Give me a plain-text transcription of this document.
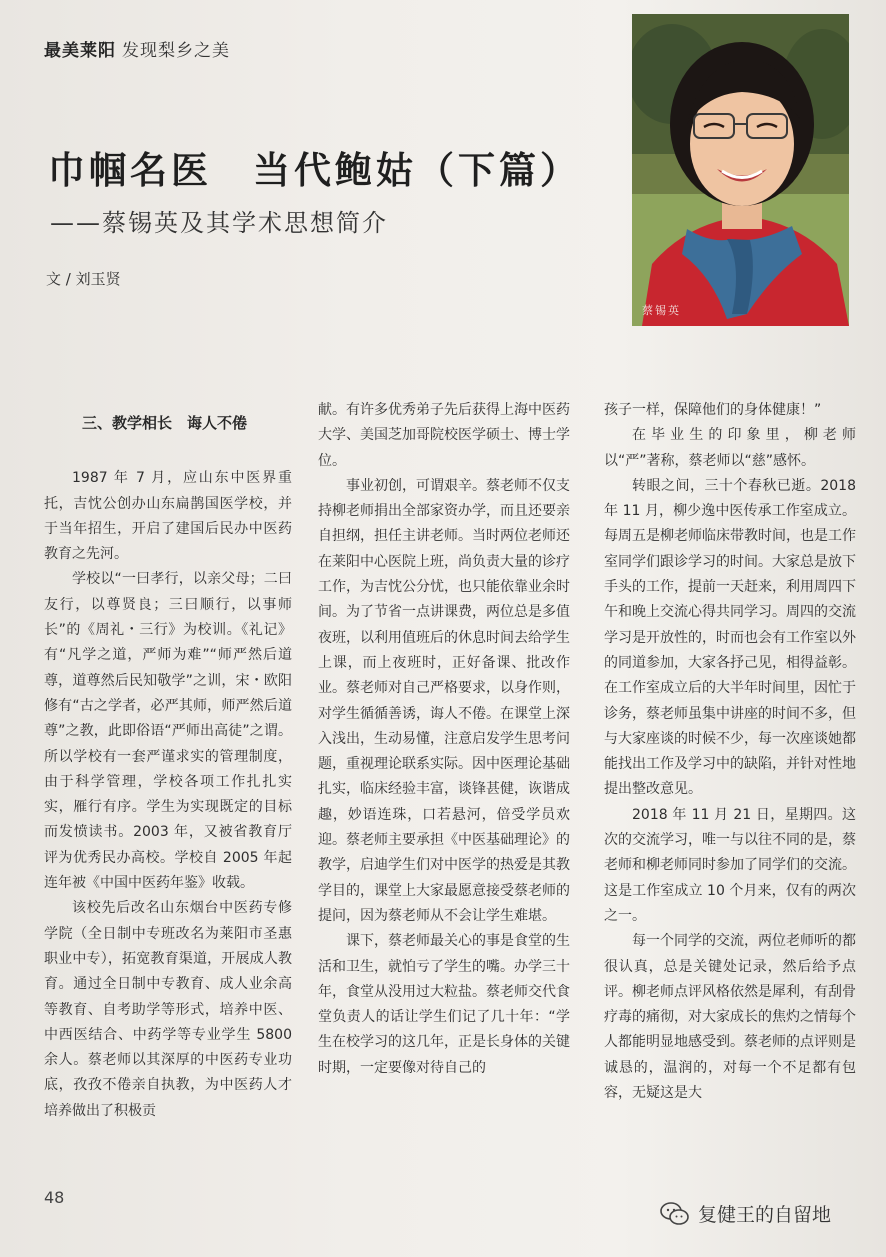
最美莱阳 发现梨乡之美
巾帼名医　当代鲍姑（下篇）
——蔡锡英及其学术思想简介
文 / 刘玉贤
蔡锡英
三、教学相长　诲人不倦

1987 年 7 月，应山东中医界重托，吉忱公创办山东扁鹊国医学校，并于当年招生，开启了建国后民办中医药教育之先河。

学校以“一曰孝行，以亲父母；二曰友行，以尊贤良；三曰顺行，以事师长”的《周礼・三行》为校训。《礼记》有“凡学之道，严师为难”“师严然后道尊，道尊然后民知敬学”之训，宋・欧阳修有“古之学者，必严其师，师严然后道尊”之教，此即俗语“严师出高徒”之谓。所以学校有一套严谨求实的管理制度，由于科学管理，学校各项工作扎扎实实，雁行有序。学生为实现既定的目标而发愤读书。2003 年，又被省教育厅评为优秀民办高校。学校自 2005 年起连年被《中国中医药年鉴》收载。

该校先后改名山东烟台中医药专修学院（全日制中专班改名为莱阳市圣惠职业中专），拓宽教育渠道，开展成人教育。通过全日制中专教育、成人业余高等教育、自考助学等形式，培养中医、中西医结合、中药学等专业学生 5800 余人。蔡老师以其深厚的中医药专业功底，孜孜不倦亲自执教，为中医药人才培养做出了积极贡

献。有许多优秀弟子先后获得上海中医药大学、美国芝加哥院校医学硕士、博士学位。

事业初创，可谓艰辛。蔡老师不仅支持柳老师捐出全部家资办学，而且还要亲自担纲，担任主讲老师。当时两位老师还在莱阳中心医院上班，尚负责大量的诊疗工作，为吉忱公分忧，也只能依靠业余时间。为了节省一点讲课费，两位总是多值夜班，以利用值班后的休息时间去给学生上课，而上夜班时，正好备课、批改作业。蔡老师对自己严格要求，以身作则，对学生循循善诱，诲人不倦。在课堂上深入浅出，生动易懂，注意启发学生思考问题，重视理论联系实际。因中医理论基础扎实，临床经验丰富，谈锋甚健，诙谐成趣，妙语连珠，口若悬河，倍受学员欢迎。蔡老师主要承担《中医基础理论》的教学，启迪学生们对中医学的热爱是其教学目的，课堂上大家最愿意接受蔡老师的提问，因为蔡老师从不会让学生难堪。

课下，蔡老师最关心的事是食堂的生活和卫生，就怕亏了学生的嘴。办学三十年，食堂从没用过大粒盐。蔡老师交代食堂负责人的话让学生们记了几十年：“学生在校学习的这几年，正是长身体的关键时期，一定要像对待自己的

孩子一样，保障他们的身体健康！”

在毕业生的印象里，柳老师以“严”著称，蔡老师以“慈”感怀。

转眼之间，三十个春秋已逝。2018 年 11 月，柳少逸中医传承工作室成立。每周五是柳老师临床带教时间，也是工作室同学们跟诊学习的时间。大家总是放下手头的工作，提前一天赶来，利用周四下午和晚上交流心得共同学习。周四的交流学习是开放性的，时而也会有工作室以外的同道参加，大家各抒己见，相得益彰。在工作室成立后的大半年时间里，因忙于诊务，蔡老师虽集中讲座的时间不多，但与大家座谈的时候不少，每一次座谈她都能找出工作及学习中的缺陷，并针对性地提出整改意见。

2018 年 11 月 21 日，星期四。这次的交流学习，唯一与以往不同的是，蔡老师和柳老师同时参加了同学们的交流。这是工作室成立 10 个月来，仅有的两次之一。

每一个同学的交流，两位老师听的都很认真，总是关键处记录，然后给予点评。柳老师点评风格依然是犀利，有刮骨疗毒的痛彻，对大家成长的焦灼之情每个人都能明显地感受到。蔡老师的点评则是诚恳的，温润的，对每一个不足都有包容，无疑这是大

48
复健王的自留地
